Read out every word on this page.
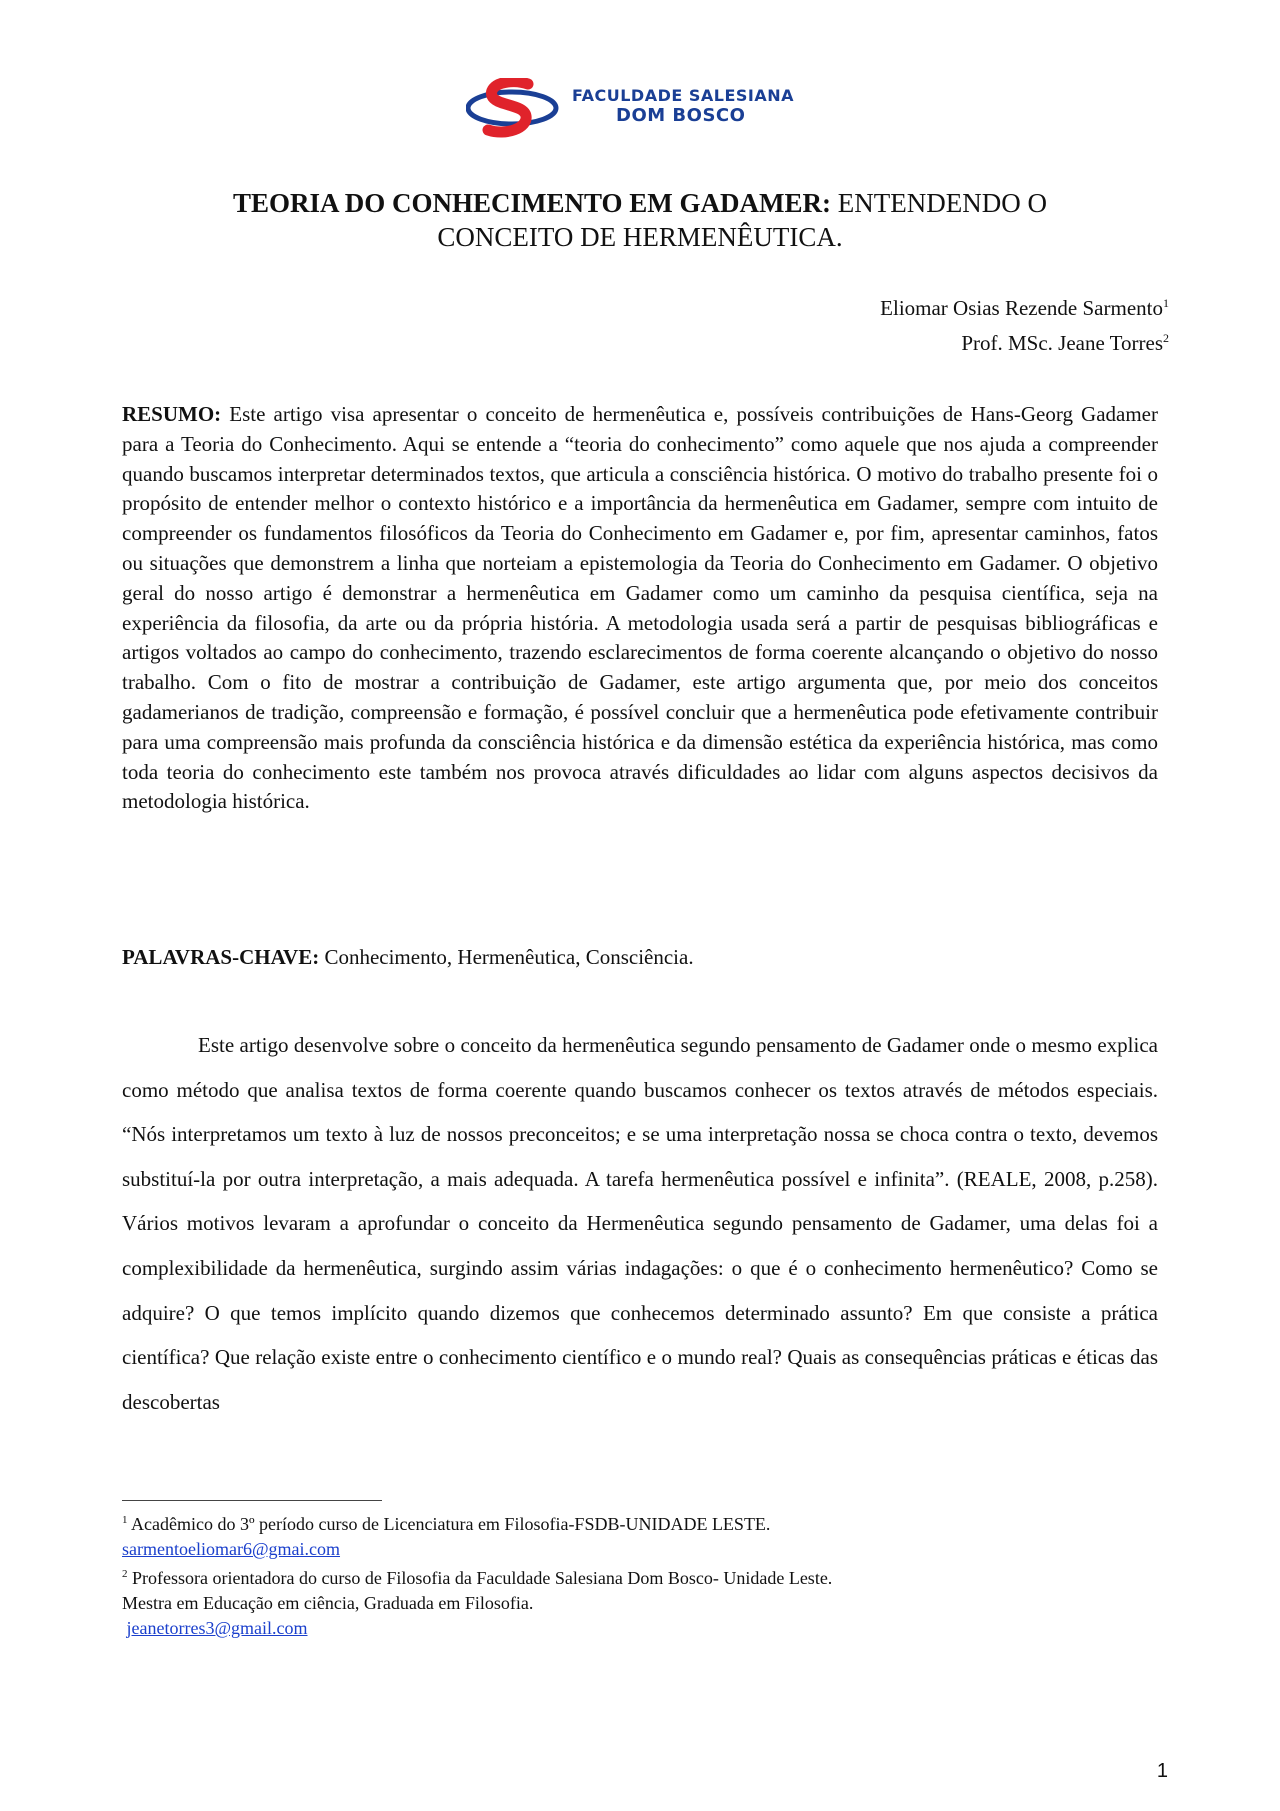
FACULDADE SALESIANA
DOM BOSCO
TEORIA DO CONHECIMENTO EM GADAMER: ENTENDENDO O
CONCEITO DE HERMENÊUTICA.
Eliomar Osias Rezende Sarmento$^1$
Prof. MSc. Jeane Torres$^2$

RESUMO: Este artigo visa apresentar o conceito de hermenêutica e, possíveis contribuições de Hans-Georg Gadamer para a Teoria do Conhecimento. Aqui se entende a “teoria do conhecimento” como aquele que nos ajuda a compreender quando buscamos interpretar determinados textos, que articula a consciência histórica. O motivo do trabalho presente foi o propósito de entender melhor o contexto histórico e a importância da hermenêutica em Gadamer, sempre com intuito de compreender os fundamentos filosóficos da Teoria do Conhecimento em Gadamer e, por fim, apresentar caminhos, fatos ou situações que demonstrem a linha que norteiam a epistemologia da Teoria do Conhecimento em Gadamer. O objetivo geral do nosso artigo é demonstrar a hermenêutica em Gadamer como um caminho da pesquisa científica, seja na experiência da filosofia, da arte ou da própria história. A metodologia usada será a partir de pesquisas bibliográficas e artigos voltados ao campo do conhecimento, trazendo esclarecimentos de forma coerente alcançando o objetivo do nosso trabalho. Com o fito de mostrar a contribuição de Gadamer, este artigo argumenta que, por meio dos conceitos gadamerianos de tradição, compreensão e formação, é possível concluir que a hermenêutica pode efetivamente contribuir para uma compreensão mais profunda da consciência histórica e da dimensão estética da experiência histórica, mas como toda teoria do conhecimento este também nos provoca através dificuldades ao lidar com alguns aspectos decisivos da metodologia histórica.

PALAVRAS-CHAVE: Conhecimento, Hermenêutica, Consciência.

Este artigo desenvolve sobre o conceito da hermenêutica segundo pensamento de Gadamer onde o mesmo explica como método que analisa textos de forma coerente quando buscamos conhecer os textos através de métodos especiais. “Nós interpretamos um texto à luz de nossos preconceitos; e se uma interpretação nossa se choca contra o texto, devemos substituí-la por outra interpretação, a mais adequada. A tarefa hermenêutica possível e infinita”. (REALE, 2008, p.258). Vários motivos levaram a aprofundar o conceito da Hermenêutica segundo pensamento de Gadamer, uma delas foi a complexibilidade da hermenêutica, surgindo assim várias indagações: o que é o conhecimento hermenêutico? Como se adquire? O que temos implícito quando dizemos que conhecemos determinado assunto? Em que consiste a prática científica? Que relação existe entre o conhecimento científico e o mundo real? Quais as consequências práticas e éticas das descobertas

$^1$ Acadêmico do 3º período curso de Licenciatura em Filosofia-FSDB-UNIDADE LESTE.
sarmentoeliomar6@gmai.com
$^2$ Professora orientadora do curso de Filosofia da Faculdade Salesiana Dom Bosco- Unidade Leste.
Mestra em Educação em ciência, Graduada em Filosofia.
jeanetorres3@gmail.com
1
